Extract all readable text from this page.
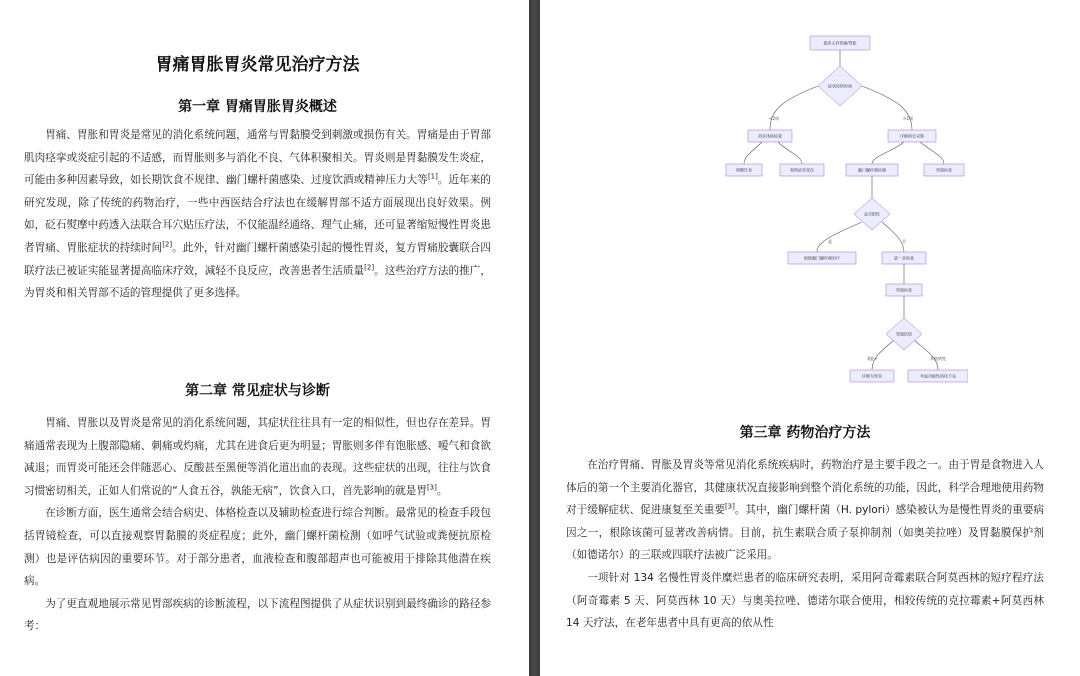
胃痛胃胀胃炎常见治疗方法
第一章 胃痛胃胀胃炎概述

胃痛、胃胀和胃炎是常见的消化系统问题，通常与胃黏膜受到刺激或损伤有关。胃痛是由于胃部肌肉痉挛或炎症引起的不适感，而胃胀则多与消化不良、气体积聚相关。胃炎则是胃黏膜发生炎症，可能由多种因素导致，如长期饮食不规律、幽门螺杆菌感染、过度饮酒或精神压力大等[1]。近年来的研究发现，除了传统的药物治疗，一些中西医结合疗法也在缓解胃部不适方面展现出良好效果。例如，砭石熨摩中药透入法联合耳穴贴压疗法，不仅能温经通络、理气止痛，还可显著缩短慢性胃炎患者胃痛、胃胀症状的持续时间[2]。此外，针对幽门螺杆菌感染引起的慢性胃炎，复方胃痛胶囊联合四联疗法已被证实能显著提高临床疗效，减轻不良反应，改善患者生活质量[2]。这些治疗方法的推广，为胃炎和相关胃部不适的管理提供了更多选择。

第二章 常见症状与诊断

胃痛、胃胀以及胃炎是常见的消化系统问题，其症状往往具有一定的相似性，但也存在差异。胃痛通常表现为上腹部隐痛、刺痛或灼痛，尤其在进食后更为明显；胃胀则多伴有饱胀感、嗳气和食欲减退；而胃炎可能还会伴随恶心、反酸甚至黑便等消化道出血的表现。这些症状的出现，往往与饮食习惯密切相关，正如人们常说的“人食五谷，孰能无病”，饮食入口，首先影响的就是胃[3]。

在诊断方面，医生通常会结合病史、体格检查以及辅助检查进行综合判断。最常见的检查手段包括胃镜检查，可以直接观察胃黏膜的炎症程度；此外，幽门螺杆菌检测（如呼气试验或粪便抗原检测）也是评估病因的重要环节。对于部分患者，血液检查和腹部超声也可能被用于排除其他潜在疾病。

为了更直观地展示常见胃部疾病的诊断流程，以下流程图提供了从症状识别到最终确诊的路径参考：

第三章 药物治疗方法

在治疗胃痛、胃胀及胃炎等常见消化系统疾病时，药物治疗是主要手段之一。由于胃是食物进入人体后的第一个主要消化器官，其健康状况直接影响到整个消化系统的功能，因此，科学合理地使用药物对于缓解症状、促进康复至关重要[3]。其中，幽门螺杆菌（H. pylori）感染被认为是慢性胃炎的重要病因之一，根除该菌可显著改善病情。目前，抗生素联合质子泵抑制剂（如奥美拉唑）及胃黏膜保护剂（如德诺尔）的三联或四联疗法被广泛采用。

一项针对 134 名慢性胃炎伴糜烂患者的临床研究表明，采用阿奇霉素联合阿莫西林的短疗程疗法（阿奇霉素 5 天、阿莫西林 10 天）与奥美拉唑、德诺尔联合使用，相较传统的克拉霉素+阿莫西林 14 天疗法，在老年患者中具有更高的依从性

患者主诉胃痛/胃胀
症状持续时间
<2周	>2周
初步体格检查	详细病史采集
调整饮食	观察症状变化	幽门螺杆菌检测	胃镜检查
是否阳性
是	否
根除幽门螺杆菌治疗	进一步检查
胃镜检查
胃镜结果
炎症+	其他病变
诊断为胃炎	考虑功能性消化不良
